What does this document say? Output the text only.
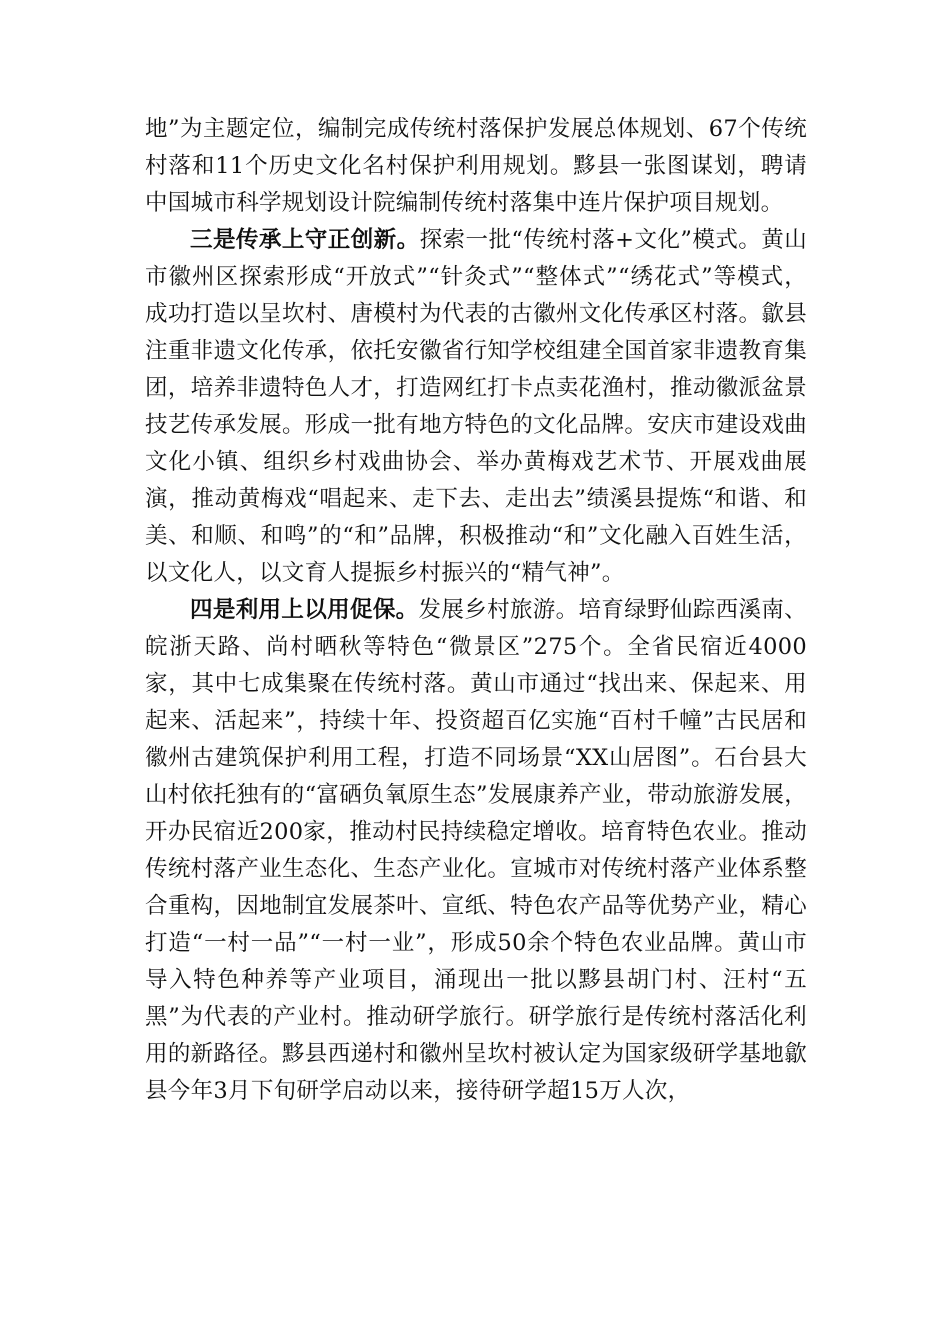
地”为主题定位，编制完成传统村落保护发展总体规划、67个传统村落和11个历史文化名村保护利用规划。黟县一张图谋划，聘请中国城市科学规划设计院编制传统村落集中连片保护项目规划。

三是传承上守正创新。探索一批“传统村落+文化”模式。黄山市徽州区探索形成“开放式”“针灸式”“整体式”“绣花式”等模式，成功打造以呈坎村、唐模村为代表的古徽州文化传承区村落。歙县注重非遗文化传承，依托安徽省行知学校组建全国首家非遗教育集团，培养非遗特色人才，打造网红打卡点卖花渔村，推动徽派盆景技艺传承发展。形成一批有地方特色的文化品牌。安庆市建设戏曲文化小镇、组织乡村戏曲协会、举办黄梅戏艺术节、开展戏曲展演，推动黄梅戏“唱起来、走下去、走出去”绩溪县提炼“和谐、和美、和顺、和鸣”的“和”品牌，积极推动“和”文化融入百姓生活，以文化人，以文育人提振乡村振兴的“精气神”。

四是利用上以用促保。发展乡村旅游。培育绿野仙踪西溪南、皖浙天路、尚村晒秋等特色“微景区”275个。全省民宿近4000家，其中七成集聚在传统村落。黄山市通过“找出来、保起来、用起来、活起来”，持续十年、投资超百亿实施“百村千幢”古民居和徽州古建筑保护利用工程，打造不同场景“XX山居图”。石台县大山村依托独有的“富硒负氧原生态”发展康养产业，带动旅游发展，开办民宿近200家，推动村民持续稳定增收。培育特色农业。推动传统村落产业生态化、生态产业化。宣城市对传统村落产业体系整合重构，因地制宜发展茶叶、宣纸、特色农产品等优势产业，精心打造“一村一品”“一村一业”，形成50余个特色农业品牌。黄山市导入特色种养等产业项目，涌现出一批以黟县胡门村、汪村“五黑”为代表的产业村。推动研学旅行。研学旅行是传统村落活化利用的新路径。黟县西递村和徽州呈坎村被认定为国家级研学基地歙县今年3月下旬研学启动以来，接待研学超15万人次，
